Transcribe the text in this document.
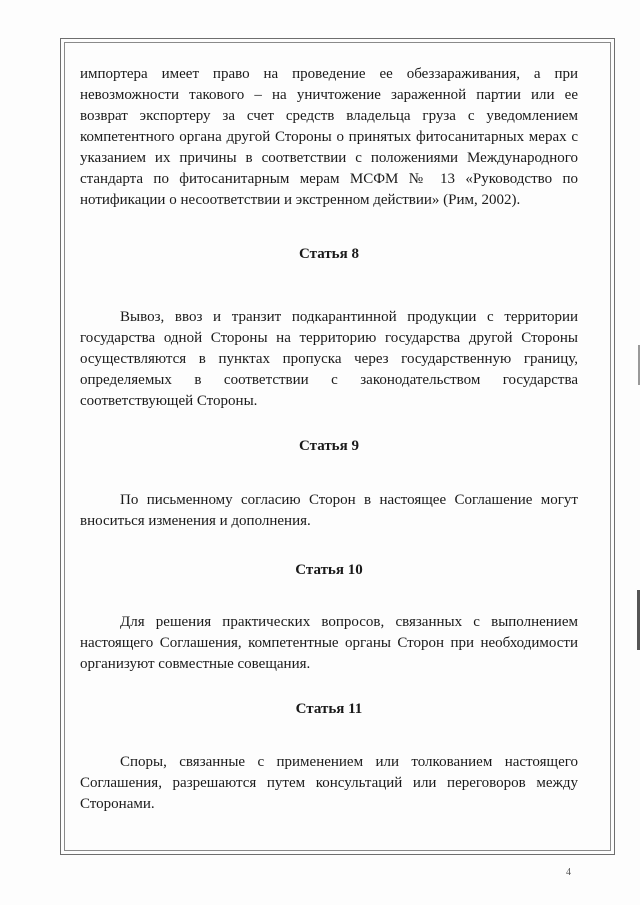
импортера имеет право на проведение ее обеззараживания, а при невозможности такового – на уничтожение зараженной партии или ее возврат экспортеру за счет средств владельца груза с уведомлением компетентного органа другой Стороны о принятых фитосанитарных мерах с указанием их причины в соответствии с положениями Международного стандарта по фитосанитарным мерам МСФМ № 13 «Руководство по нотификации о несоответствии и экстренном действии» (Рим, 2002).

Статья 8

Вывоз, ввоз и транзит подкарантинной продукции с территории государства одной Стороны на территорию государства другой Стороны осуществляются в пунктах пропуска через государственную границу, определяемых в соответствии с законодательством государства соответствующей Стороны.

Статья 9

По письменному согласию Сторон в настоящее Соглашение могут вноситься изменения и дополнения.

Статья 10

Для решения практических вопросов, связанных с выполнением настоящего Соглашения, компетентные органы Сторон при необходимости организуют совместные совещания.

Статья 11

Споры, связанные с применением или толкованием настоящего Соглашения, разрешаются путем консультаций или переговоров между Сторонами.

4
